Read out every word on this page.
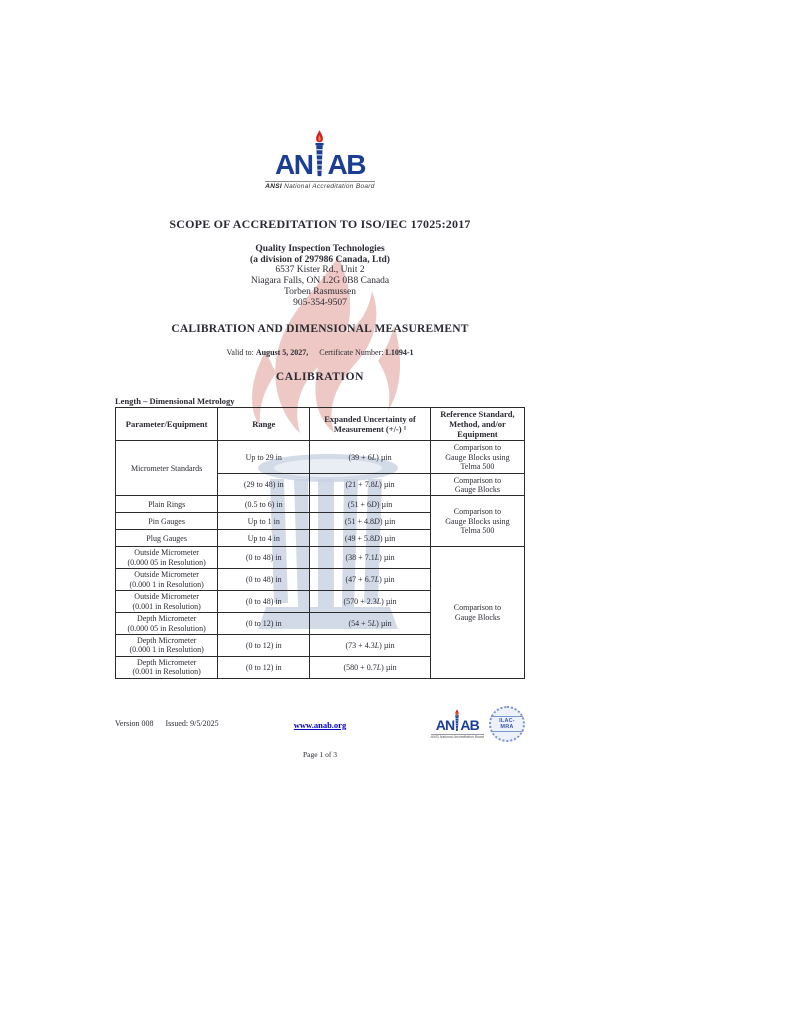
AN AB
ANSI National Accreditation Board
SCOPE OF ACCREDITATION TO ISO/IEC 17025:2017
Quality Inspection Technologies
(a division of 297986 Canada, Ltd)
6537 Kister Rd., Unit 2
Niagara Falls, ON L2G 0B8 Canada
Torben Rasmussen
905-354-9507
CALIBRATION AND DIMENSIONAL MEASUREMENT
Valid to: August 5, 2027, Certificate Number: L1094-1
CALIBRATION
Length – Dimensional Metrology
Parameter/Equipment	Range	Expanded Uncertainty of
Measurement (+/-) ¹	Reference Standard,
Method, and/or
Equipment
Micrometer Standards	Up to 29 in	(39 + 6L) µin	Comparison to
Gauge Blocks using
Telma 500
	(29 to 48) in	(21 + 7.8L) µin	Comparison to
Gauge Blocks
Plain Rings	(0.5 to 6) in	(51 + 6D) µin	Comparison to
Gauge Blocks using
Telma 500
Pin Gauges	Up to 1 in	(51 + 4.8D) µin	
Plug Gauges	Up to 4 in	(49 + 5.8D) µin	
Outside Micrometer
(0.000 05 in Resolution)	(0 to 48) in	(38 + 7.1L) µin	Comparison to
Gauge Blocks
Outside Micrometer
(0.000 1 in Resolution)	(0 to 48) in	(47 + 6.7L) µin	
Outside Micrometer
(0.001 in Resolution)	(0 to 48) in	(570 + 2.3L) µin	
Depth Micrometer
(0.000 05 in Resolution)	(0 to 12) in	(54 + 5L) µin	
Depth Micrometer
(0.000 1 in Resolution)	(0 to 12) in	(73 + 4.3L) µin	
Depth Micrometer
(0.001 in Resolution)	(0 to 12) in	(580 + 0.7L) µin	
Version 008 Issued: 9/5/2025	www.anab.org	AN AB
ANSI National Accreditation Board
ILAC-MRA
Page 1 of 3
